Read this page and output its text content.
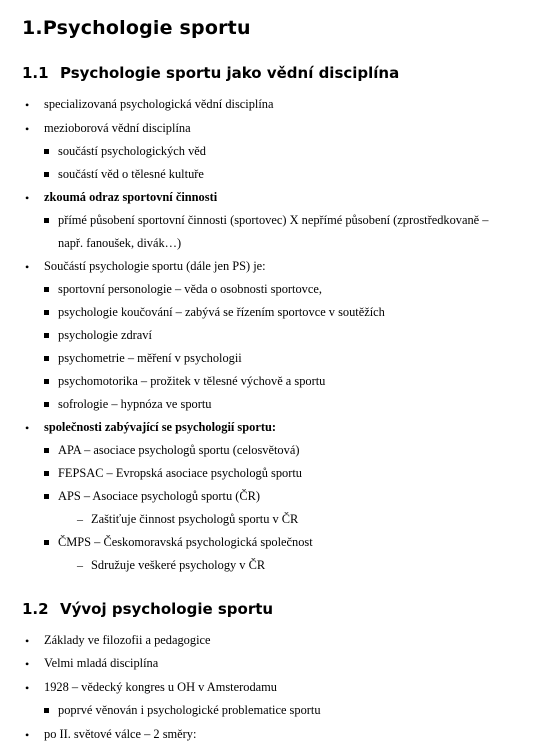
1.Psychologie sportu
1.1 Psychologie sportu jako vědní disciplína
• specializovaná psychologická vědní disciplína
• mezioborová vědní disciplína
součástí psychologických věd
součástí věd o tělesné kultuře
• zkoumá odraz sportovní činnosti
přímé působení sportovní činnosti (sportovec) X nepřímé působení (zprostředkovaně –
např. fanoušek, divák…)
• Součástí psychologie sportu (dále jen PS) je:
sportovní personologie – věda o osobnosti sportovce,
psychologie koučování – zabývá se řízením sportovce v soutěžích
psychologie zdraví
psychometrie – měření v psychologii
psychomotorika – prožitek v tělesné výchově a sportu
sofrologie – hypnóza ve sportu
• společnosti zabývající se psychologií sportu:
APA – asociace psychologů sportu (celosvětová)
FEPSAC – Evropská asociace psychologů sportu
APS – Asociace psychologů sportu (ČR)
– Zaštiťuje činnost psychologů sportu v ČR
ČMPS – Českomoravská psychologická společnost
– Sdružuje veškeré psychology v ČR
1.2 Vývoj psychologie sportu
• Základy ve filozofii a pedagogice
• Velmi mladá disciplína
• 1928 – vědecký kongres u OH v Amsterodamu
poprvé věnován i psychologické problematice sportu
• po II. světové válce – 2 směry:
